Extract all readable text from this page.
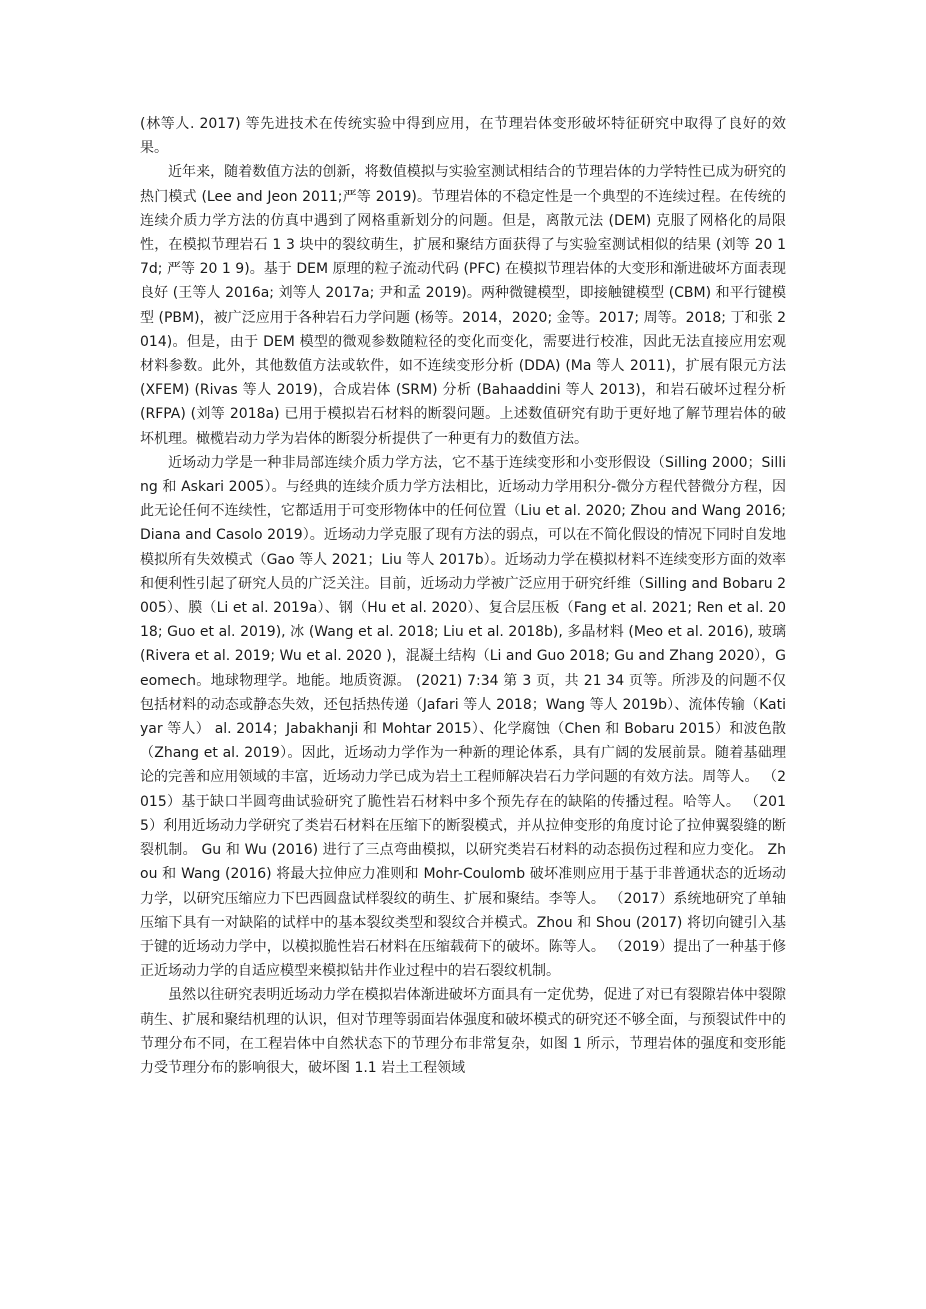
(林等人. 2017) 等先进技术在传统实验中得到应用，在节理岩体变形破坏特征研究中取得了良好的效果。

近年来，随着数值方法的创新，将数值模拟与实验室测试相结合的节理岩体的力学特性已成为研究的热门模式 (Lee and Jeon 2011;严等 2019)。节理岩体的不稳定性是一个典型的不连续过程。在传统的连续介质力学方法的仿真中遇到了网格重新划分的问题。但是，离散元法 (DEM) 克服了网格化的局限性，在模拟节理岩石 1 3 块中的裂纹萌生，扩展和聚结方面获得了与实验室测试相似的结果 (刘等 20 1 7d; 严等 20 1 9)。基于 DEM 原理的粒子流动代码 (PFC) 在模拟节理岩体的大变形和渐进破坏方面表现良好 (王等人 2016a; 刘等人 2017a; 尹和孟 2019)。两种微键模型，即接触键模型 (CBM) 和平行键模型 (PBM)，被广泛应用于各种岩石力学问题 (杨等。2014，2020; 金等。2017; 周等。2018; 丁和张 2014)。但是，由于 DEM 模型的微观参数随粒径的变化而变化，需要进行校准，因此无法直接应用宏观材料参数。此外，其他数值方法或软件，如不连续变形分析 (DDA) (Ma 等人 2011)，扩展有限元方法 (XFEM) (Rivas 等人 2019)，合成岩体 (SRM) 分析 (Bahaaddini 等人 2013)，和岩石破坏过程分析 (RFPA) (刘等 2018a) 已用于模拟岩石材料的断裂问题。上述数值研究有助于更好地了解节理岩体的破坏机理。橄榄岩动力学为岩体的断裂分析提供了一种更有力的数值方法。

近场动力学是一种非局部连续介质力学方法，它不基于连续变形和小变形假设（Silling 2000；Silling 和 Askari 2005）。与经典的连续介质力学方法相比，近场动力学用积分-微分方程代替微分方程，因此无论任何不连续性，它都适用于可变形物体中的任何位置（Liu et al. 2020; Zhou and Wang 2016; Diana and Casolo 2019）。近场动力学克服了现有方法的弱点，可以在不简化假设的情况下同时自发地模拟所有失效模式（Gao 等人 2021；Liu 等人 2017b）。近场动力学在模拟材料不连续变形方面的效率和便利性引起了研究人员的广泛关注。目前，近场动力学被广泛应用于研究纤维（Silling and Bobaru 2005）、膜（Li et al. 2019a）、钢（Hu et al. 2020）、复合层压板（Fang et al. 2021; Ren et al. 2018; Guo et al. 2019), 冰 (Wang et al. 2018; Liu et al. 2018b), 多晶材料 (Meo et al. 2016), 玻璃 (Rivera et al. 2019; Wu et al. 2020 )，混凝土结构（Li and Guo 2018; Gu and Zhang 2020），Geomech。地球物理学。地能。地质资源。 (2021) 7:34 第 3 页，共 21 34 页等。所涉及的问题不仅包括材料的动态或静态失效，还包括热传递（Jafari 等人 2018；Wang 等人 2019b）、流体传输（Katiyar 等人） al. 2014；Jabakhanji 和 Mohtar 2015）、化学腐蚀（Chen 和 Bobaru 2015）和波色散（Zhang et al. 2019）。因此，近场动力学作为一种新的理论体系，具有广阔的发展前景。随着基础理论的完善和应用领域的丰富，近场动力学已成为岩土工程师解决岩石力学问题的有效方法。周等人。 （2015）基于缺口半圆弯曲试验研究了脆性岩石材料中多个预先存在的缺陷的传播过程。哈等人。 （2015）利用近场动力学研究了类岩石材料在压缩下的断裂模式，并从拉伸变形的角度讨论了拉伸翼裂缝的断裂机制。 Gu 和 Wu (2016) 进行了三点弯曲模拟，以研究类岩石材料的动态损伤过程和应力变化。 Zhou 和 Wang (2016) 将最大拉伸应力准则和 Mohr-Coulomb 破坏准则应用于基于非普通状态的近场动力学，以研究压缩应力下巴西圆盘试样裂纹的萌生、扩展和聚结。李等人。 （2017）系统地研究了单轴压缩下具有一对缺陷的试样中的基本裂纹类型和裂纹合并模式。Zhou 和 Shou (2017) 将切向键引入基于键的近场动力学中，以模拟脆性岩石材料在压缩载荷下的破坏。陈等人。 （2019）提出了一种基于修正近场动力学的自适应模型来模拟钻井作业过程中的岩石裂纹机制。

虽然以往研究表明近场动力学在模拟岩体渐进破坏方面具有一定优势，促进了对已有裂隙岩体中裂隙萌生、扩展和聚结机理的认识，但对节理等弱面岩体强度和破坏模式的研究还不够全面，与预裂试件中的节理分布不同，在工程岩体中自然状态下的节理分布非常复杂，如图 1 所示，节理岩体的强度和变形能力受节理分布的影响很大，破坏图 1.1 岩土工程领域
